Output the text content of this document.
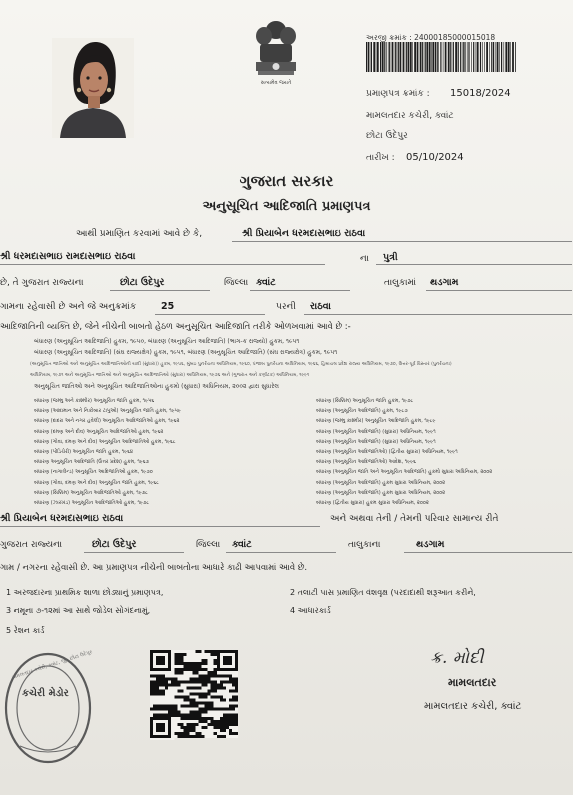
સત્યમેવ જયતે
અરજી ક્રમાંક : 24000185000015018
પ્રમાણપત્ર ક્રમાંક : 15018/2024
મામલતદાર કચેરી, ક્વાંટ
છોટા ઉદેપુર
તારીખ : 05/10/2024
ગુજરાત સરકાર
અનુસૂચિત આદિજાતિ પ્રમાણપત્ર
આથી પ્રમાણિત કરવામાં આવે છે કે,	શ્રી પ્રિયાબેન ધરમદાસભાઇ રાઠવા
શ્રી ધરમદાસભાઇ રામદાસભાઇ રાઠવા	ના પુત્રી
છે, તે ગુજરાત રાજ્યના	છોટા ઉદેપુર	જિલ્લા ક્વાંટ	તાલુકામાં થડગામ
ગામના રહેવાસી છે અને જે અનુક્રમાંક	25	પરની રાઠવા
આદિજાતિની વ્યક્તિ છે, જેને નીચેની બાબતો હેઠળ અનુસૂચિત આદિજાતિ તરીકે ઓળખવામાં આવે છે :-
બંધારણ (અનુસૂચિત આદિજાતિ) હુકમ, ૧૯૫૦, બંધારણ (અનુસૂચિત આદિજાતિ) (ભાગ-ક રાજ્યો) હુકમ, ૧૯૫૧
બંધારણ (અનુસૂચિત આદિજાતિ) (સંઘ રાજ્યક્ષેત્ર) હુકમ, ૧૯૫૧, બંધારણ (અનુસૂચિત આદિજાતિ) (સંઘ રાજ્યક્ષેત્ર) હુકમ, ૧૯૫૧
(અનુસૂચિત જાતિઓ અને અનુસૂચિત આદિજાતિઓની યાદી (સુધારા)) હુકમ, ૧૯૫૬, મુંબઇ પુનર્રચના અધિનિયમ, ૧૯૬૦, પંજાબ પુનર્રચના અધિનિયમ, ૧૯૬૬, હિમાચલ પ્રદેશ રાજ્ય અધિનિયમ, ૧૯૭૦, ઉત્તર-પૂર્વ વિસ્તાર (પુનર્રચના)
અધિનિયમ, ૧૯૭૧ અને અનુસૂચિત જાતિઓ અને અનુસૂચિત આદિજાતિઓ (સુધારા) અધિનિયમ, ૧૯૭૬ અને (ગુજરાત અને કર્ણાટક) અધિનિયમ, ૧૯૯૧
અનુસૂચિત જાતિઓ અને અનુસૂચિત આદિજાતિઓના હુકમો (સુધારા) અધિનિયમ, ૨૦૦૨ દ્વારા સુધારેલ
બંધારણ (જમ્મુ અને કાશ્મીર) અનુસૂચિત જાતિ હુકમ, ૧૯૫૬
બંધારણ (આંદામાન અને નિકોબાર ટાપુઓ) અનુસૂચિત જાતિ હુકમ, ૧૯૫૯
બંધારણ (દાદરા અને નગર હવેલી) અનુસૂચિત આદિજાતિઓ હુકમ, ૧૯૬૨
બંધારણ (દમણ અને દીવ) અનુસૂચિત આદિજાતિઓ હુકમ, ૧૯૬૨
બંધારણ (ગોવા, દમણ અને દીવ) અનુસૂચિત આદિજાતિઓ હુકમ, ૧૯૬૮
બંધારણ (પોંડિચેરી) અનુસૂચિત જાતિ હુકમ, ૧૯૬૪
બંધારણ અનુસૂચિત આદિજાતિ (ઉત્તર પ્રદેશ) હુકમ, ૧૯૬૭
બંધારણ (નાગાલેન્ડ) અનુસૂચિત આદિજાતિઓ હુકમ, ૧૯૭૦
બંધારણ (ગોવા, દમણ અને દીવ) અનુસૂચિત જાતિ હુકમ, ૧૯૬૮
બંધારણ (સિક્કિમ) અનુસૂચિત આદિજાતિઓ હુકમ, ૧૯૭૮
બંધારણ (ઝારખંડ) અનુસૂચિત આદિજાતિઓ હુકમ, ૧૯૭૮
બંધારણ (સિક્કિમ) અનુસૂચિત જાતિ હુકમ, ૧૯૭૮
બંધારણ (અનુસૂચિત આદિજાતિ) હુકમ, ૧૯૮૭
બંધારણ (જમ્મુ કાશ્મીર) અનુસૂચિત આદિજાતિ હુકમ, ૧૯૮૯
બંધારણ (અનુસૂચિત આદિજાતિ) (સુધારા) અધિનિયમ, ૧૯૯૧
બંધારણ (અનુસૂચિત આદિજાતિ) (સુધારા) અધિનિયમ, ૧૯૯૧
બંધારણ (અનુસૂચિત આદિજાતિઓ) (દ્વિતીય સુધારા) અધિનિયમ, ૧૯૯૧
બંધારણ (અનુસૂચિત આદિજાતિઓ) આદેશ, ૧૯૯૬
બંધારણ (અનુસૂચિત જાતિ અને અનુસૂચિત આદિજાતિ) હુકમો સુધારા અધિનિયમ, ૨૦૦૨
બંધારણ (અનુસૂચિત આદિજાતિ) હુકમ સુધારા અધિનિયમ, ૨૦૦૨
બંધારણ (અનુસૂચિત આદિજાતિ) હુકમ સુધારા અધિનિયમ, ૨૦૦૨
બંધારણ (દ્વિતીય સુધારા) હુકમ સુધારા અધિનિયમ, ૨૦૦૨
શ્રી પ્રિયાબેન ધરમદાસભાઇ રાઠવા	અને અથવા તેની / તેમની પરિવાર સામાન્ય રીતે
ગુજરાત રાજ્યના	છોટા ઉદેપુર	જિલ્લા ક્વાંટ	તાલુકાના	થડગામ
ગામ / નગરના રહેવાસી છે. આ પ્રમાણપત્ર નીચેની બાબતોના આધારે કાઢી આપવામાં આવે છે.
1 અરજદારના પ્રાથમિક શાળા છોડ્યાનું પ્રમાણપત્ર,	2 તલાટી પાસ પ્રમાણિત વંશવૃક્ષ (પરદાદાથી શરૂઆત કરીને,
3 નમૂના ૭-૧૨માં આ સાથે જોડેલ સોગંદનામું,	4 આધારકાર્ડ
5 રેશન કાર્ડ
કચેરી મેડોર
મામલતદાર કચેરી, ક્વાંટ, જી. છોટા ઉદેપુર	ક્ર. મોદી
મામલતદાર
મામલતદાર કચેરી, ક્વાંટ
